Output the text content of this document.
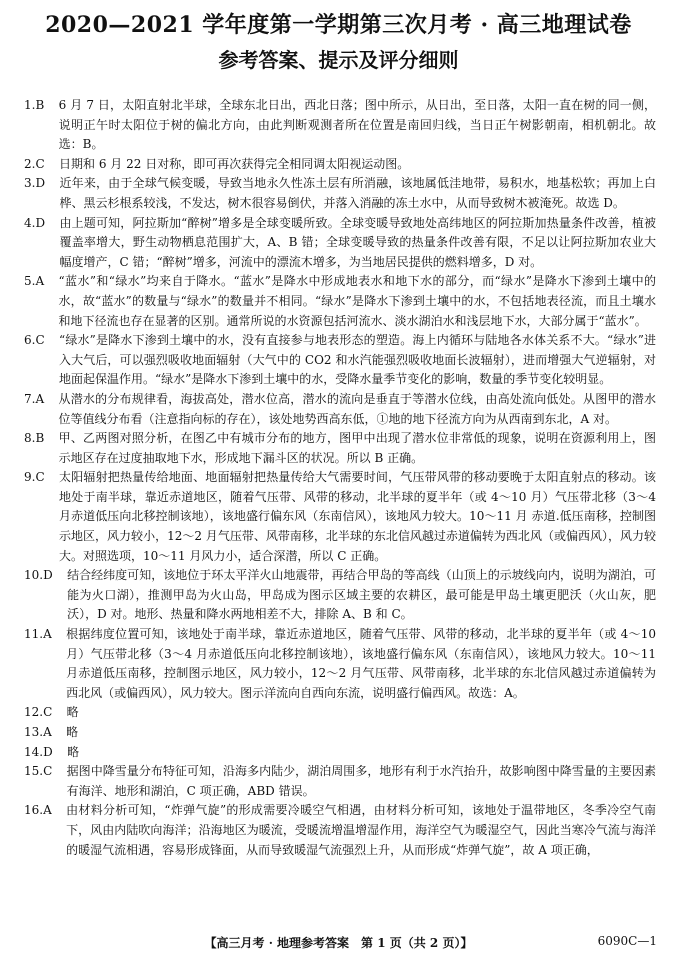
2020—2021 学年度第一学期第三次月考 · 高三地理试卷
参考答案、提示及评分细则
1.B	6 月 7 日，太阳直射北半球，全球东北日出，西北日落；图中所示，从日出，至日落，太阳一直在树的同一侧，说明正午时太阳位于树的偏北方向，由此判断观测者所在位置是南回归线，当日正午树影朝南，相机朝北。故选：B。
2.C	日期和 6 月 22 日对称，即可再次获得完全相同调太阳视运动图。
3.D	近年来，由于全球气候变暖，导致当地永久性冻土层有所消融，该地属低洼地带，易积水，地基松软；再加上白桦、黑云杉根系较浅，不发达，树木很容易倒伏，并落入消融的冻土水中，从而导致树木被淹死。故选 D。
4.D	由上题可知，阿拉斯加“醉树”增多是全球变暖所致。全球变暖导致地处高纬地区的阿拉斯加热量条件改善，植被覆盖率增大，野生动物栖息范围扩大，A、B 错；全球变暖导致的热量条件改善有限，不足以让阿拉斯加农业大幅度增产，C 错；“醉树”增多，河流中的漂流木增多，为当地居民提供的燃料增多，D 对。
5.A	“蓝水”和“绿水”均来自于降水。“蓝水”是降水中形成地表水和地下水的部分，而“绿水”是降水下渗到土壤中的水，故“蓝水”的数量与“绿水”的数量并不相同。“绿水”是降水下渗到土壤中的水，不包括地表径流，而且土壤水和地下径流也存在显著的区别。通常所说的水资源包括河流水、淡水湖泊水和浅层地下水，大部分属于“蓝水”。
6.C	“绿水”是降水下渗到土壤中的水，没有直接参与地表形态的塑造。海上内循环与陆地各水体关系不大。“绿水”进入大气后，可以强烈吸收地面辐射（大气中的 CO2 和水汽能强烈吸收地面长波辐射），进而增强大气逆辐射，对地面起保温作用。“绿水”是降水下渗到土壤中的水，受降水量季节变化的影响，数量的季节变化较明显。
7.A	从潜水的分布规律看，海拔高处，潜水位高，潜水的流向是垂直于等潜水位线，由高处流向低处。从图甲的潜水位等值线分布看（注意指向标的存在），该处地势西高东低，①地的地下径流方向为从西南到东北，A 对。
8.B	甲、乙两图对照分析，在图乙中有城市分布的地方，图甲中出现了潜水位非常低的现象，说明在资源利用上，图示地区存在过度抽取地下水，形成地下漏斗区的状况。所以 B 正确。
9.C	太阳辐射把热量传给地面、地面辐射把热量传给大气需要时间，气压带风带的移动要晚于太阳直射点的移动。该地处于南半球，靠近赤道地区，随着气压带、风带的移动，北半球的夏半年（或 4～10 月）气压带北移（3～4 月赤道低压向北移控制该地），该地盛行偏东风（东南信风），该地风力较大。10～11 月 赤道.低压南移，控制图示地区，风力较小，12～2 月气压带、风带南移，北半球的东北信风越过赤道偏转为西北风（或偏西风），风力较大。对照选项，10～11 月风力小，适合深潜，所以 C 正确。
10.D	结合经纬度可知，该地位于环太平洋火山地震带，再结合甲岛的等高线（山顶上的示坡线向内，说明为湖泊，可能为火口湖），推测甲岛为火山岛，甲岛成为图示区域主要的农耕区，最可能是甲岛土壤更肥沃（火山灰，肥沃），D 对。地形、热量和降水两地相差不大，排除 A、B 和 C。
11.A	根据纬度位置可知，该地处于南半球，靠近赤道地区，随着气压带、风带的移动，北半球的夏半年（或 4～10 月）气压带北移（3～4 月赤道低压向北移控制该地），该地盛行偏东风（东南信风），该地风力较大。10～11 月赤道低压南移，控制图示地区，风力较小，12～2 月气压带、风带南移，北半球的东北信风越过赤道偏转为西北风（或偏西风），风力较大。图示洋流向自西向东流，说明盛行偏西风。故选：A。
12.C	略
13.A	略
14.D	略
15.C	据图中降雪量分布特征可知，沿海多内陆少，湖泊周围多，地形有利于水汽抬升，故影响图中降雪量的主要因素有海洋、地形和湖泊，C 项正确，ABD 错误。
16.A	由材料分析可知，“炸弹气旋”的形成需要冷暖空气相遇，由材料分析可知，该地处于温带地区，冬季冷空气南下，风由内陆吹向海洋；沿海地区为暖流，受暖流增温增湿作用，海洋空气为暖湿空气，因此当寒冷气流与海洋的暖湿气流相遇，容易形成锋面，从而导致暖湿气流强烈上升，从而形成“炸弹气旋”，故 A 项正确，
【高三月考 · 地理参考答案　第 1 页（共 2 页）】	6090C—1
